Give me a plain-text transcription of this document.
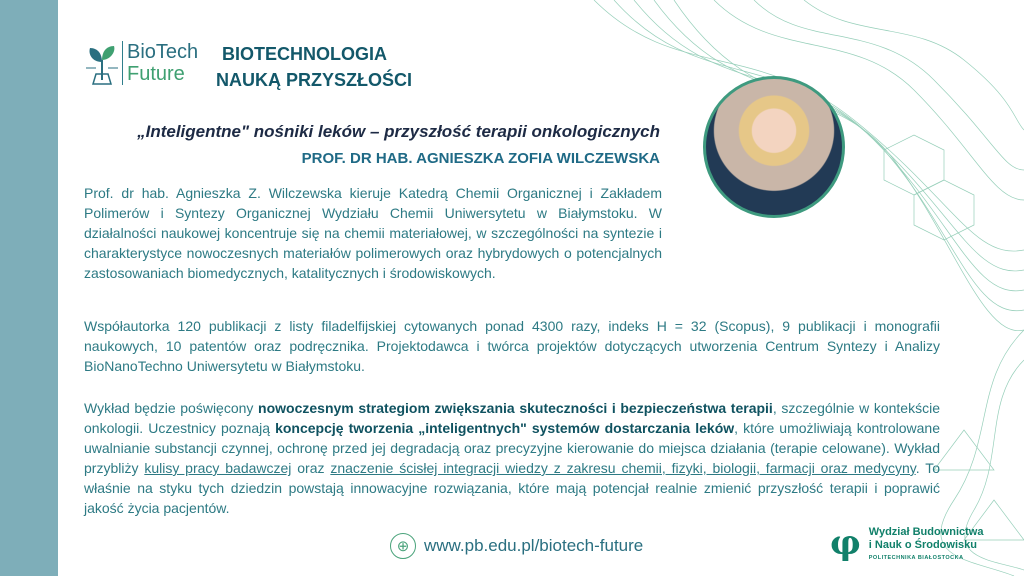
BioTech
Future
BIOTECHNOLOGIA
NAUKĄ PRZYSZŁOŚCI
„Inteligentne" nośniki leków – przyszłość terapii onkologicznych
PROF. DR HAB. AGNIESZKA ZOFIA WILCZEWSKA
Prof. dr hab. Agnieszka Z. Wilczewska kieruje Katedrą Chemii Organicznej i Zakładem Polimerów i Syntezy Organicznej Wydziału Chemii Uniwersytetu w Białymstoku. W działalności naukowej koncentruje się na chemii materiałowej, w szczególności na syntezie i charakterystyce nowoczesnych materiałów polimerowych oraz hybrydowych o potencjalnych zastosowaniach biomedycznych, katalitycznych i środowiskowych.
Współautorka 120 publikacji z listy filadelfijskiej cytowanych ponad 4300 razy, indeks H = 32 (Scopus), 9 publikacji i monografii naukowych, 10 patentów oraz podręcznika. Projektodawca i twórca projektów dotyczących utworzenia Centrum Syntezy i Analizy BioNanoTechno Uniwersytetu w Białymstoku.
Wykład będzie poświęcony nowoczesnym strategiom zwiększania skuteczności i bezpieczeństwa terapii, szczególnie w kontekście onkologii. Uczestnicy poznają koncepcję tworzenia „inteligentnych" systemów dostarczania leków, które umożliwiają kontrolowane uwalnianie substancji czynnej, ochronę przed jej degradacją oraz precyzyjne kierowanie do miejsca działania (terapie celowane). Wykład przybliży kulisy pracy badawczej oraz znaczenie ścisłej integracji wiedzy z zakresu chemii, fizyki, biologii, farmacji oraz medycyny. To właśnie na styku tych dziedzin powstają innowacyjne rozwiązania, które mają potencjał realnie zmienić przyszłość terapii i poprawić jakość życia pacjentów.
⊕ www.pb.edu.pl/biotech-future	φ Wydział Budownictwa
i Nauk o Środowisku
POLITECHNIKA BIAŁOSTOCKA
